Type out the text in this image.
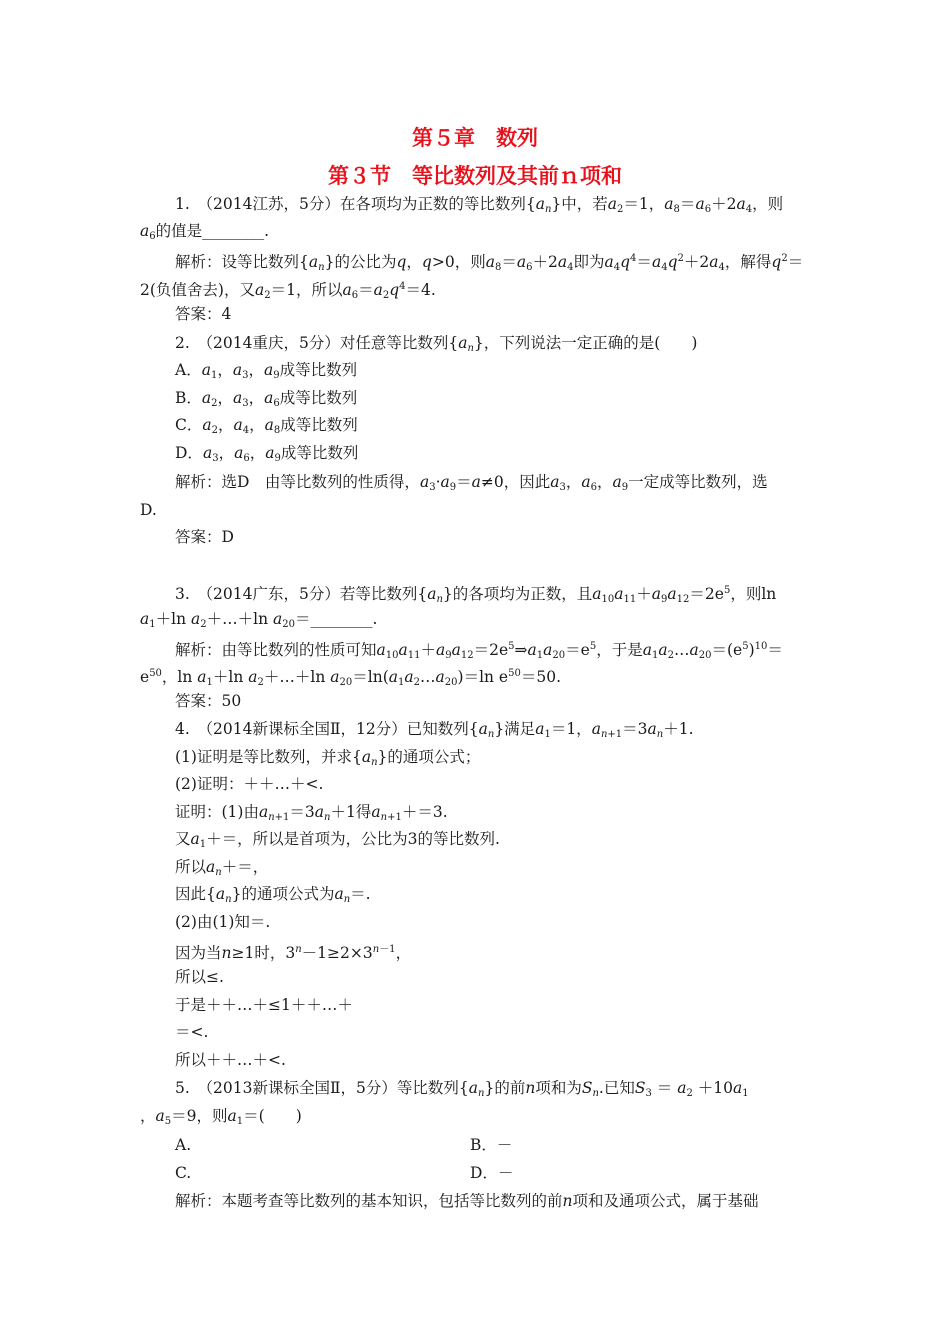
第５章　数列
第３节　等比数列及其前ｎ项和
1.　（2014江苏，5分）在各项均为正数的等比数列$\{a_n\}$中，若$a_2=1$，$a_8=a_6+2a_4$，则
$a_6$的值是________.
解析：设等比数列$\{a_n\}$的公比为q，q>0，则$a_8=a_6+2a_4$即为$a_4q^4=a_4q^2+2a_4$，解得$q^2=$
2(负值舍去)，又$a_2=1$，所以$a_6=a_2q^4=4$.
答案：4
2.　（2014重庆，5分）对任意等比数列$\{a_n\}$，下列说法一定正确的是(　　)
A．$a_1$，$a_3$，$a_9$成等比数列
B．$a_2$，$a_3$，$a_6$成等比数列
C．$a_2$，$a_4$，$a_8$成等比数列
D．$a_3$，$a_6$，$a_9$成等比数列
解析：选D　由等比数列的性质得，$a_3\cdot a_9=a\ne 0$，因此$a_3$，$a_6$，$a_9$一定成等比数列，选
D.
答案：D
3.　（2014广东，5分）若等比数列$\{a_n\}$的各项均为正数，且$a_{10}a_{11}+a_9a_{12}=2e^5$，则ln
$a_1+\ln$ $a_2+\dots+\ln$ $a_{20}=\_\_\_\_\_\_\_\_$.
解析：由等比数列的性质可知$a_{10}a_{11}+a_9a_{12}=2e^5\Rightarrow a_1a_{20}=e^5$，于是$a_1a_2\dots a_{20}=(e^5)^{10}=$
$e^{50}$，$\ln a_1+\ln$ $a_2+\dots+\ln$ $a_{20}=\ln(a_1a_2\dots a_{20})=\ln$ $e^{50}=50$.
答案：50
4.　（2014新课标全国Ⅱ，12分）已知数列$\{a_n\}$满足$a_1=1$，$a_{n+1}=3a_n+1$.
(1)证明是等比数列，并求$\{a_n\}$的通项公式；
(2)证明：＋＋…＋<.
证明：(1)由$a_{n+1}=3a_n+1$得$a_{n+1}+=3$.
又$a_1+=$，所以是首项为，公比为3的等比数列.
所以$a_n+=$，
因此$\{a_n\}$的通项公式为$a_n=$.
(2)由(1)知＝.
因为当n≥1时，$3^n-1\ge 2\times 3^{n-1}$，
所以≤.
于是＋＋…＋≤1＋＋…＋
＝<.
所以＋＋…＋<.
5.　（2013新课标全国Ⅱ，5分）等比数列$\{a_n\}$的前n项和为$S_n$.已知$S_3 = a_2 +10a_1$
，$a_5=9$，则$a_1=$(　　)
A.	B．－
C.	D．－
解析：本题考查等比数列的基本知识，包括等比数列的前n项和及通项公式，属于基础
